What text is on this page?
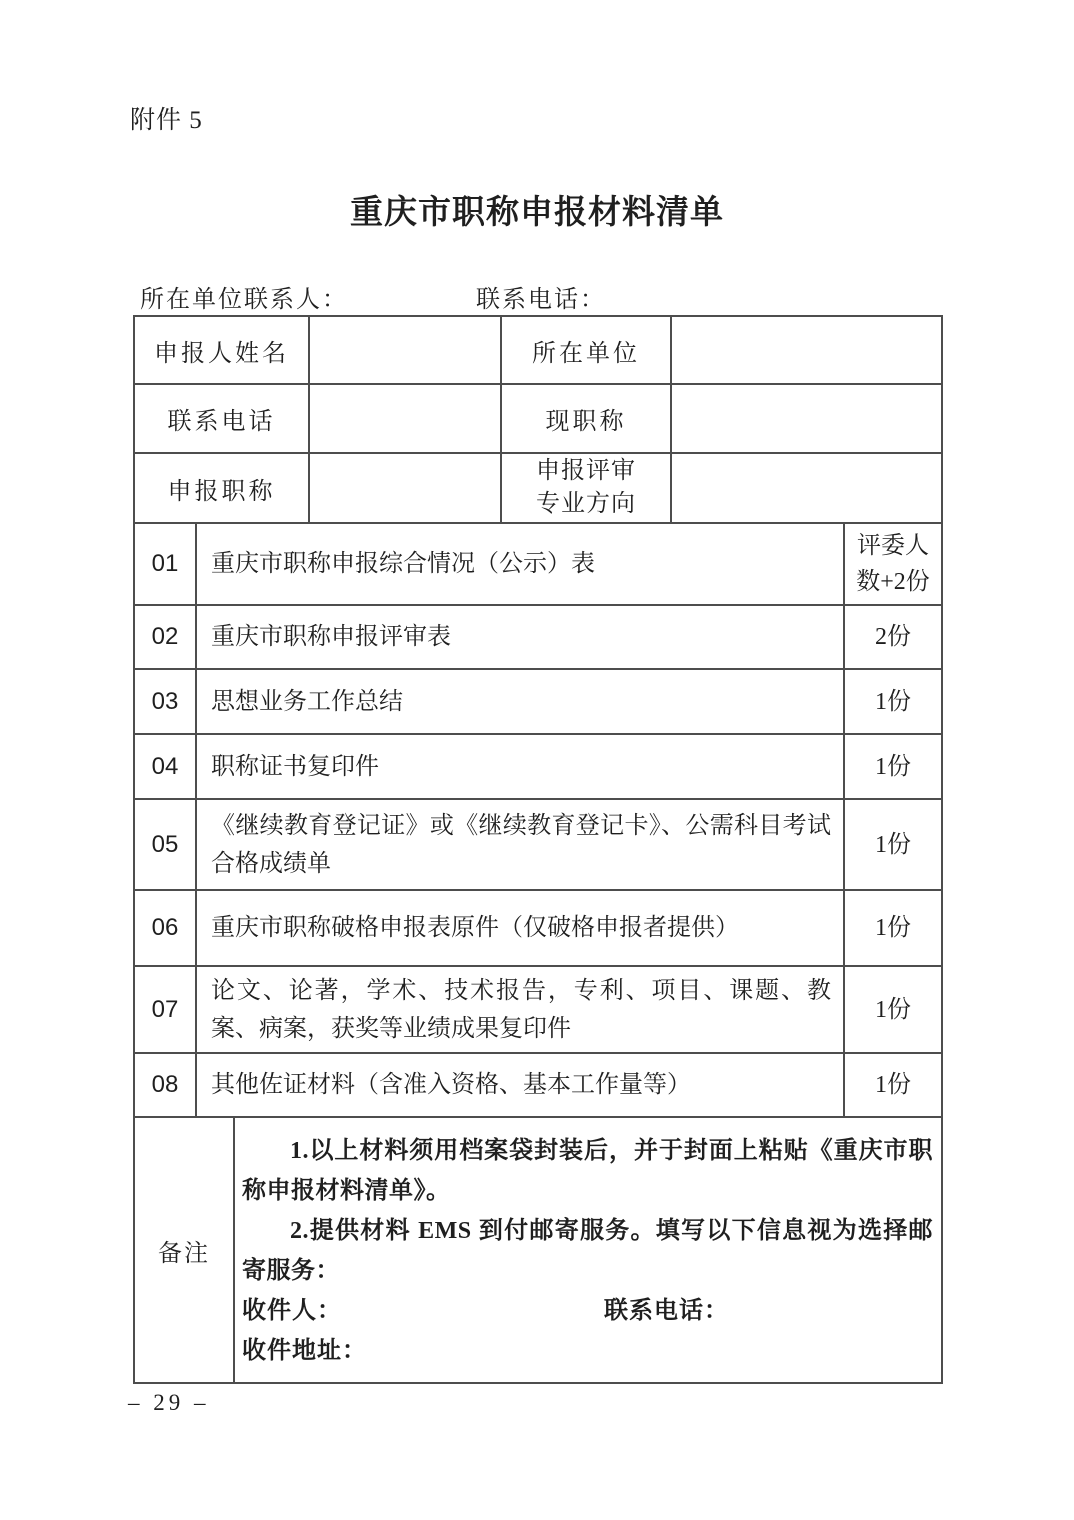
附件 5
重庆市职称申报材料清单
所在单位联系人：	联系电话：
申报人姓名		所在单位	
联系电话		现职称	
申报职称		申报评审专业方向	
01	重庆市职称申报综合情况（公示）表	评委人数+2份
02	重庆市职称申报评审表	2份
03	思想业务工作总结	1份
04	职称证书复印件	1份
05	《继续教育登记证》或《继续教育登记卡》、公需科目考试合格成绩单	1份
06	重庆市职称破格申报表原件（仅破格申报者提供）	1份
07	论文、论著，学术、技术报告，专利、项目、课题、教案、病案，获奖等业绩成果复印件	1份
08	其他佐证材料（含准入资格、基本工作量等）	1份
备注	

1.以上材料须用档案袋封装后，并于封面上粘贴《重庆市职称申报材料清单》。

2.提供材料 EMS 到付邮寄服务。填写以下信息视为选择邮寄服务：

收件人：	联系电话：
收件地址：
– 29 –
